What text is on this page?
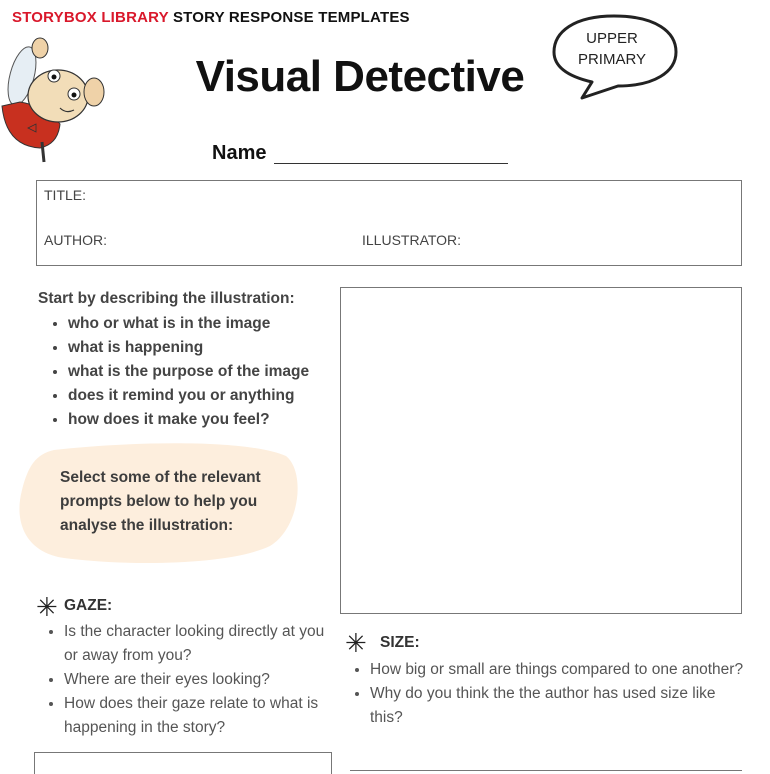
STORYBOX LIBRARY STORY RESPONSE TEMPLATES
Visual Detective
UPPER
PRIMARY
Name
TITLE:
AUTHOR:	ILLUSTRATOR:
Start by describing the illustration:
• who or what is in the image
• what is happening
• what is the purpose of the image
• does it remind you or anything
• how does it make you feel?
Select some of the relevant prompts below to help you analyse the illustration:
✳ GAZE:
• Is the character looking directly at you or away from you?
• Where are their eyes looking?
• How does their gaze relate to what is happening in the story?
✳ SIZE:
• How big or small are things compared to one another?
• Why do you think the the author has used size like this?
